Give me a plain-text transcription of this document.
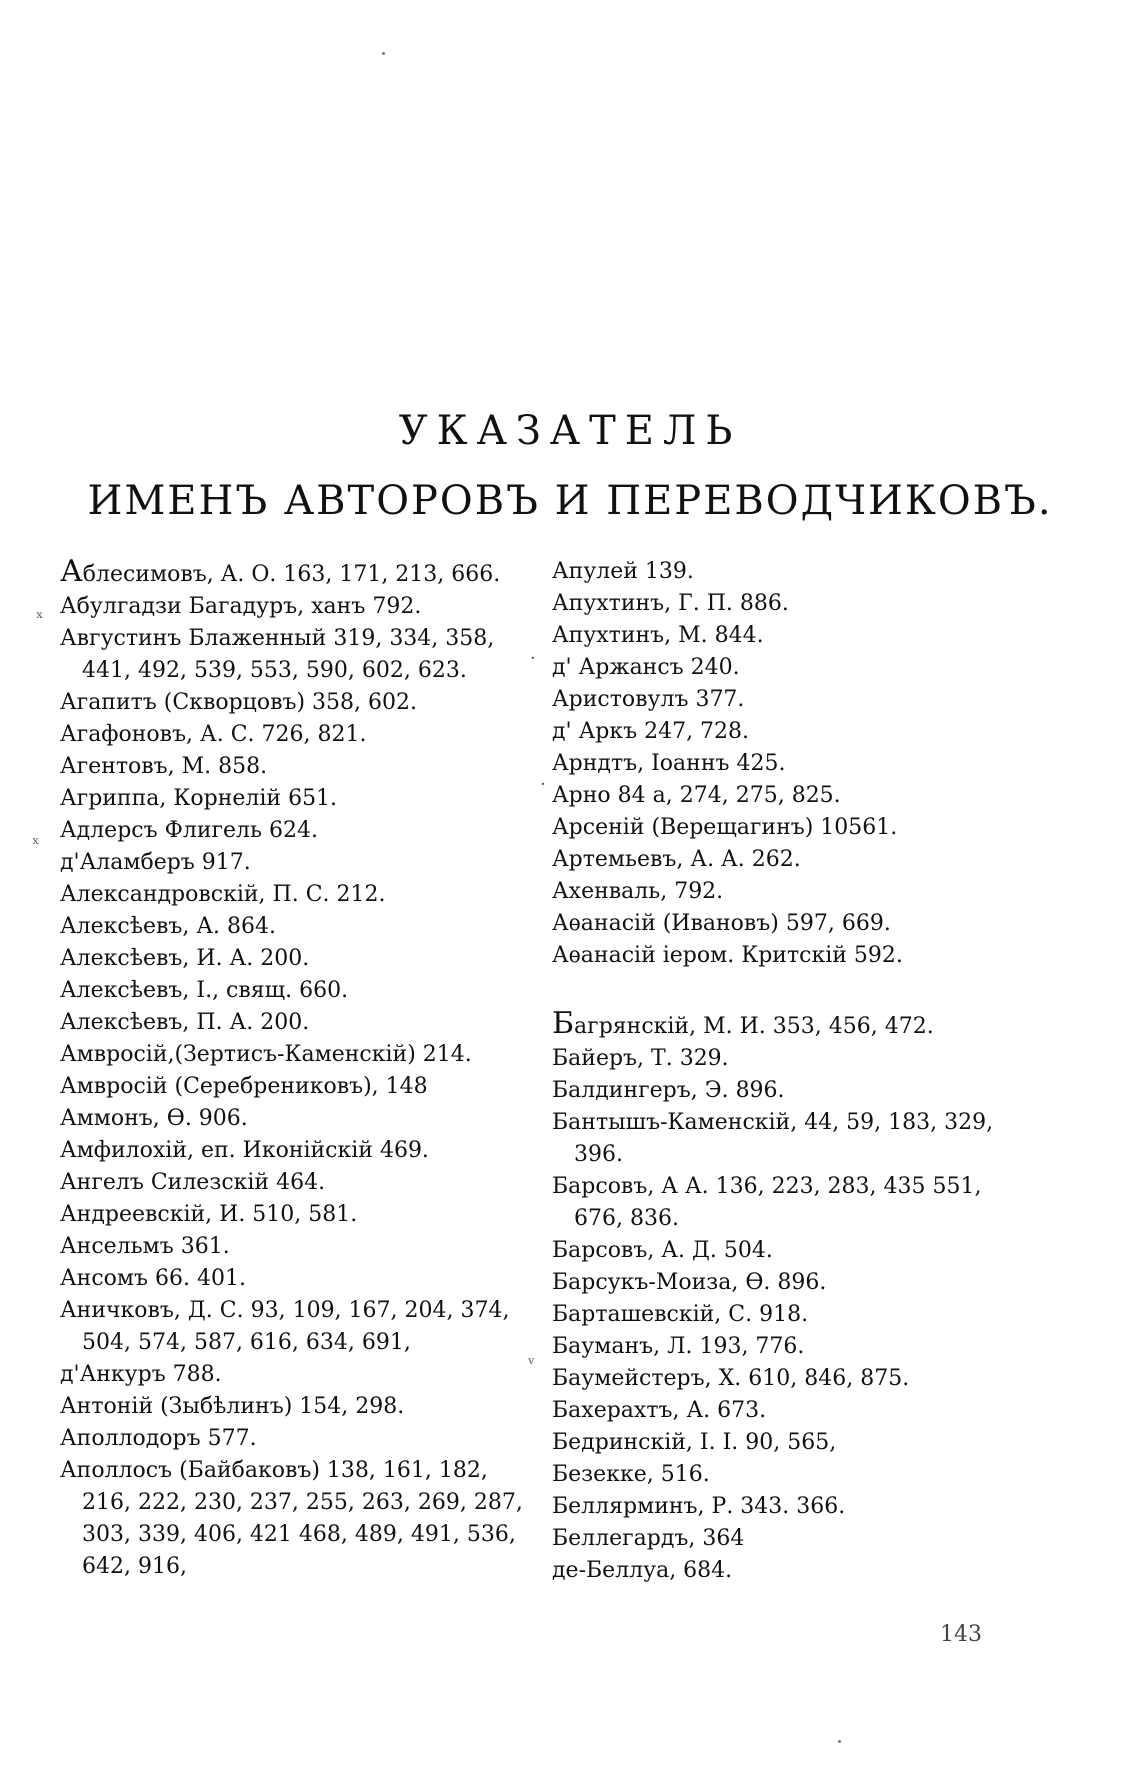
УКАЗАТЕЛЬ
ИМЕНЪ АВТОРОВЪ И ПЕРЕВОДЧИКОВЪ.

Аблесимовъ, А. О. 163, 171, 213, 666.

Абулгадзи Багадуръ, ханъ 792.

Августинъ Блаженный 319, 334, 358, 441, 492, 539, 553, 590, 602, 623.

Агапитъ (Скворцовъ) 358, 602.

Агафоновъ, А. С. 726, 821.

Агентовъ, М. 858.

Агриппа, Корнелій 651.

Адлерсъ Флигель 624.

д'Аламберъ 917.

Александровскій, П. С. 212.

Алексѣевъ, А. 864.

Алексѣевъ, И. А. 200.

Алексѣевъ, І., свящ. 660.

Алексѣевъ, П. А. 200.

Амвросій,(Зертисъ-Каменскій) 214.

Амвросій (Серебрениковъ), 148

Аммонъ, Ѳ. 906.

Амфилохій, еп. Иконійскій 469.

Ангелъ Силезскій 464.

Андреевскій, И. 510, 581.

Ансельмъ 361.

Ансомъ 66. 401.

Аничковъ, Д. С. 93, 109, 167, 204, 374, 504, 574, 587, 616, 634, 691,

д'Анкуръ 788.

Антоній (Зыбѣлинъ) 154, 298.

Аполлодоръ 577.

Аполлосъ (Байбаковъ) 138, 161, 182, 216, 222, 230, 237, 255, 263, 269, 287, 303, 339, 406, 421 468, 489, 491, 536, 642, 916,

Апулей 139.

Апухтинъ, Г. П. 886.

Апухтинъ, М. 844.

д' Аржансъ 240.

Аристовулъ 377.

д' Аркъ 247, 728.

Арндтъ, Іоаннъ 425.

Арно 84 а, 274, 275, 825.

Арсеній (Верещагинъ) 10561.

Артемьевъ, А. А. 262.

Ахенваль, 792.

Аѳанасій (Ивановъ) 597, 669.

Аѳанасій іером. Критскій 592.

Багрянскій, М. И. 353, 456, 472.

Байеръ, Т. 329.

Балдингеръ, Э. 896.

Бантышъ-Каменскій, 44, 59, 183, 329, 396.

Барсовъ, А А. 136, 223, 283, 435 551, 676, 836.

Барсовъ, А. Д. 504.

Барсукъ-Моиза, Ѳ. 896.

Барташевскій, С. 918.

Бауманъ, Л. 193, 776.

Баумейстеръ, Х. 610, 846, 875.

Бахерахтъ, А. 673.

Бедринскій, І. І. 90, 565,

Безекке, 516.

Беллярминъ, Р. 343. 366.

Беллегардъ, 364

де-Беллуа, 684.

ˣ
·
ˣ
·
ᵛ
143
